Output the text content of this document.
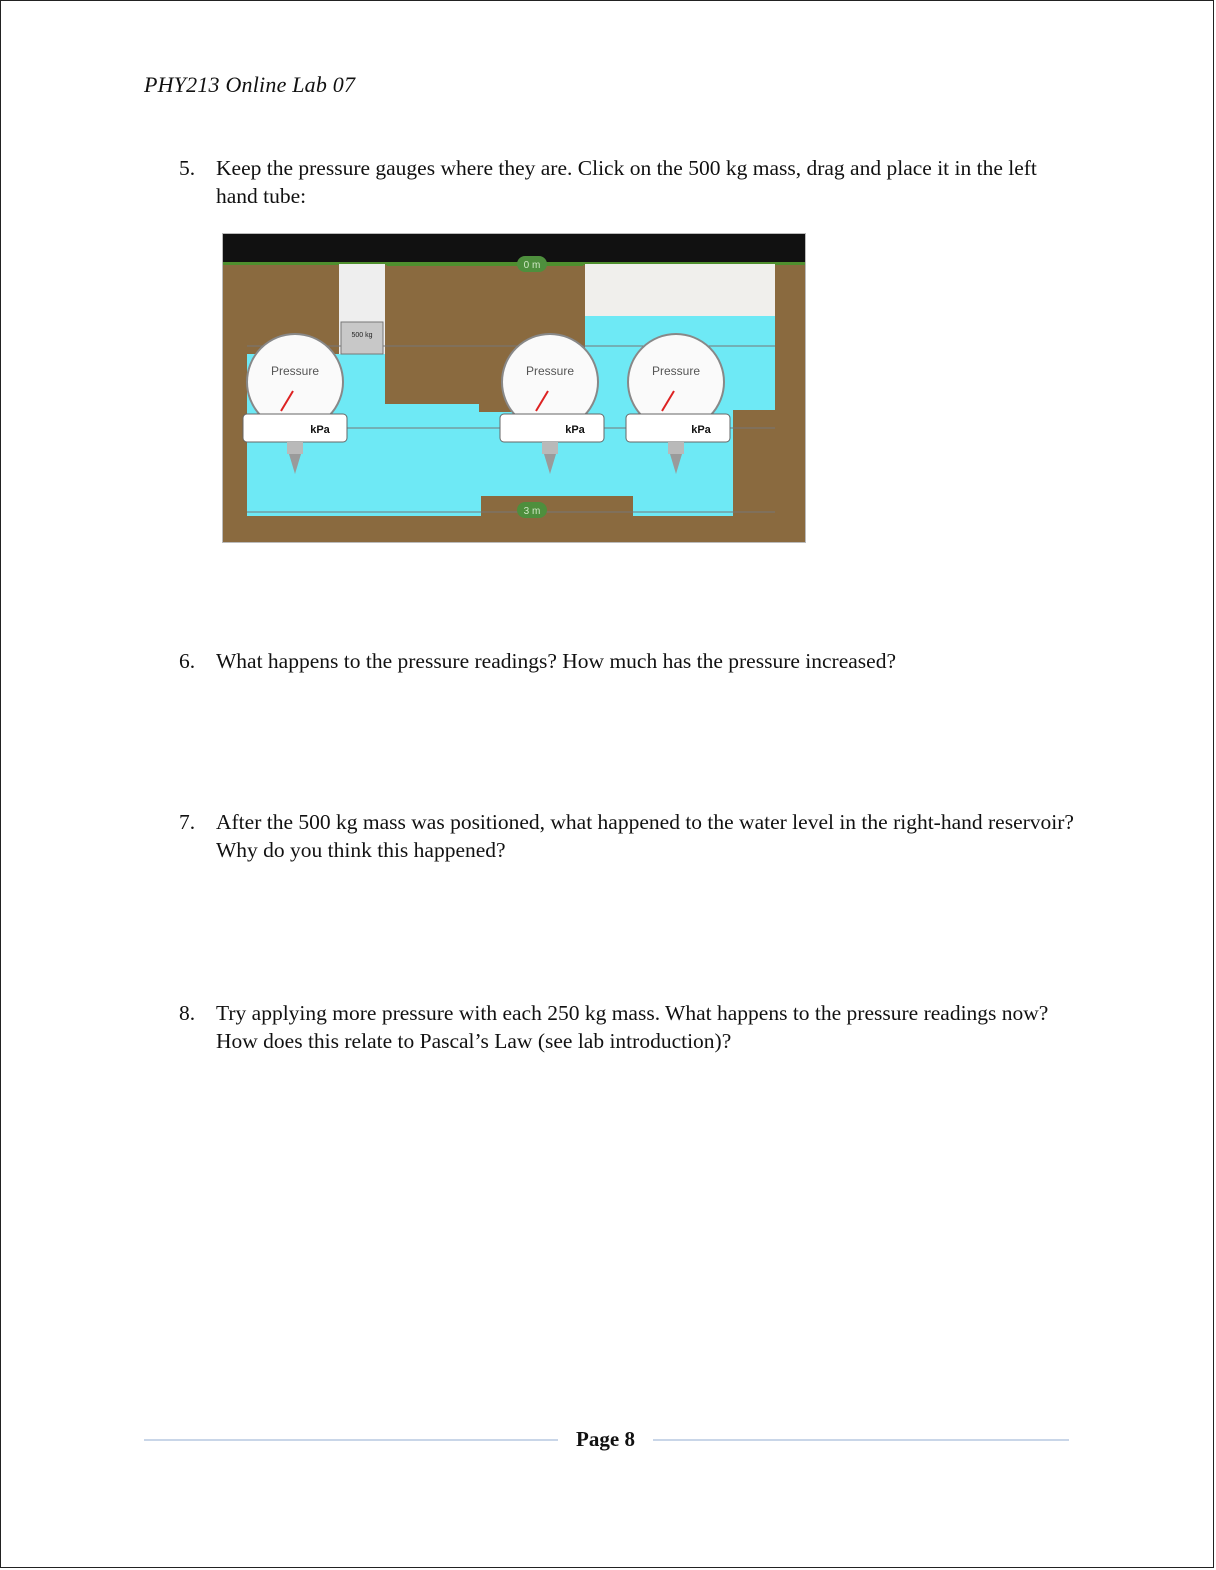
PHY213 Online Lab 07
5. Keep the pressure gauges where they are. Click on the 500 kg mass, drag and place it in the left hand tube:
500 kg
0 m
3 m
Pressure
kPa
Pressure
kPa
Pressure
kPa
6. What happens to the pressure readings? How much has the pressure increased?
7. After the 500 kg mass was positioned, what happened to the water level in the right-hand reservoir? Why do you think this happened?
8. Try applying more pressure with each 250 kg mass. What happens to the pressure readings now? How does this relate to Pascal’s Law (see lab introduction)?
Page 8
